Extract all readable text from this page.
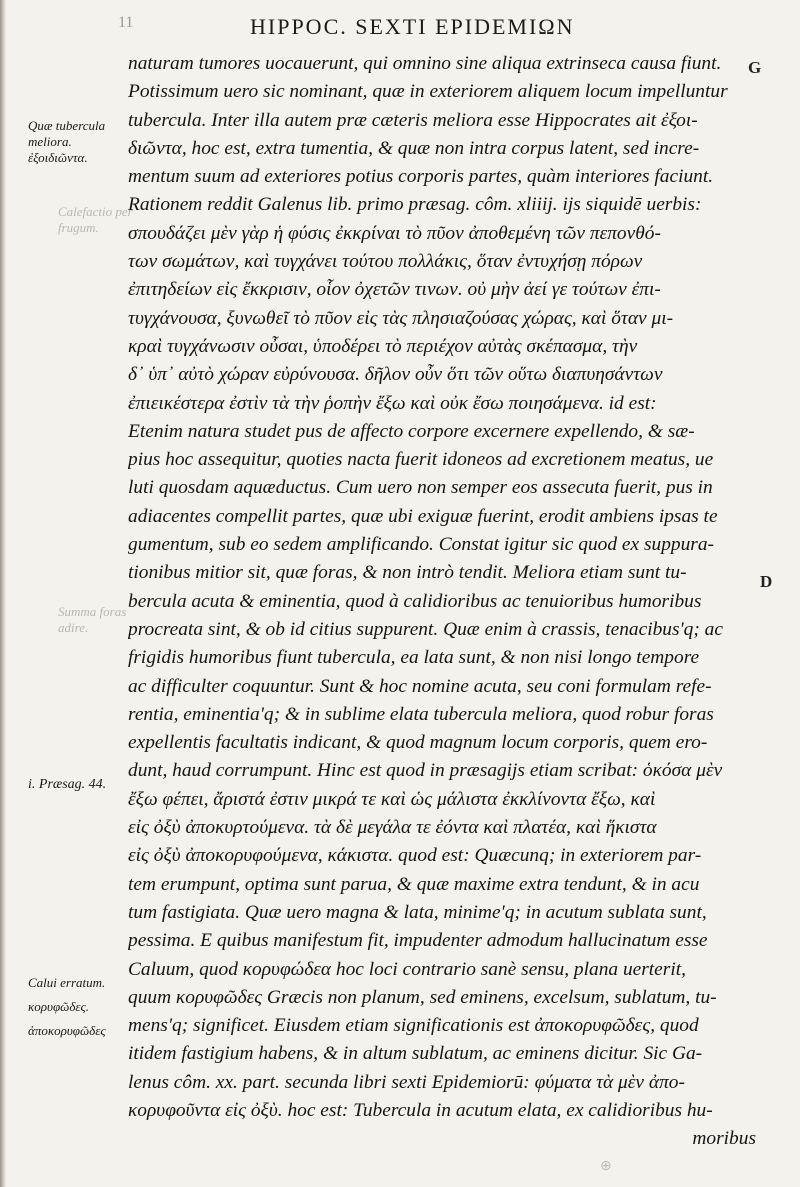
11	HIPPOC. SEXTI EPIDEMIΩN
G
D
Quæ tubercula
meliora.
ἐξοιδιῶντα.
Calefactio per
frugum.
Summa foras
adire.
i. Præsag. 44.
Calui erratum.
κορυφῶδες.
ἀποκορυφῶδες
naturam tumores uocauerunt, qui omnino sine aliqua extrinseca causa fiunt.
Potissimum uero sic nominant, quæ in exteriorem aliquem locum impelluntur
tubercula. Inter illa autem præ cæteris meliora esse Hippocrates ait ἐξοι-
διῶντα, hoc est, extra tumentia, & quæ non intra corpus latent, sed incre-
mentum suum ad exteriores potius corporis partes, quàm interiores faciunt.
Rationem reddit Galenus lib. primo præsag. côm. xliiij. ijs siquidē uerbis:
σπουδάζει μὲν γὰρ ἡ φύσις ἐκκρίναι τὸ πῦον ἀποθεμένη τῶν πεπονθό-
των σωμάτων, καὶ τυγχάνει τούτου πολλάκις, ὅταν ἐντυχήσῃ πόρων
ἐπιτηδείων εἰς ἔκκρισιν, οἷον ὀχετῶν τινων. οὐ μὴν ἀεί γε τούτων ἐπι-
τυγχάνουσα, ξυνωθεῖ τὸ πῦον εἰς τὰς πλησιαζούσας χώρας, καὶ ὅταν μι-
κραὶ τυγχάνωσιν οὖσαι, ὑποδέρει τὸ περιέχον αὐτὰς σκέπασμα, τὴν
δ᾽ ὑπ᾽ αὐτὸ χώραν εὐρύνουσα. δῆλον οὖν ὅτι τῶν οὕτω διαπυησάντων
ἐπιεικέστερα ἐστὶν τὰ τὴν ῥοπὴν ἔξω καὶ οὐκ ἔσω ποιησάμενα. id est:
Etenim natura studet pus de affecto corpore excernere expellendo, & sæ-
pius hoc assequitur, quoties nacta fuerit idoneos ad excretionem meatus, ue
luti quosdam aquæductus. Cum uero non semper eos assecuta fuerit, pus in
adiacentes compellit partes, quæ ubi exiguæ fuerint, erodit ambiens ipsas te
gumentum, sub eo sedem amplificando. Constat igitur sic quod ex suppura-
tionibus mitior sit, quæ foras, & non intrò tendit. Meliora etiam sunt tu-
bercula acuta & eminentia, quod à calidioribus ac tenuioribus humoribus
procreata sint, & ob id citius suppurent. Quæ enim à crassis, tenacibus'q; ac
frigidis humoribus fiunt tubercula, ea lata sunt, & non nisi longo tempore
ac difficulter coquuntur. Sunt & hoc nomine acuta, seu coni formulam refe-
rentia, eminentia'q; & in sublime elata tubercula meliora, quod robur foras
expellentis facultatis indicant, & quod magnum locum corporis, quem ero-
dunt, haud corrumpunt. Hinc est quod in præsagijs etiam scribat: ὁκόσα μὲν
ἔξω φέπει, ἄριστά ἐστιν μικρά τε καὶ ὡς μάλιστα ἐκκλίνοντα ἔξω, καὶ
εἰς ὀξὺ ἀποκυρτούμενα. τὰ δὲ μεγάλα τε ἐόντα καὶ πλατέα, καὶ ἥκιστα
εἰς ὀξὺ ἀποκορυφούμενα, κάκιστα. quod est: Quæcunq; in exteriorem par-
tem erumpunt, optima sunt parua, & quæ maxime extra tendunt, & in acu
tum fastigiata. Quæ uero magna & lata, minime'q; in acutum sublata sunt,
pessima. E quibus manifestum fit, impudenter admodum hallucinatum esse
Caluum, quod κορυφώδεα hoc loci contrario sanè sensu, plana uerterit,
quum κορυφῶδες Græcis non planum, sed eminens, excelsum, sublatum, tu-
mens'q; significet. Eiusdem etiam significationis est ἀποκορυφῶδες, quod
itidem fastigium habens, & in altum sublatum, ac eminens dicitur. Sic Ga-
lenus côm. xx. part. secunda libri sexti Epidemiorū: φύματα τὰ μὲν ἀπο-
κορυφοῦντα εἰς ὀξὺ. hoc est: Tubercula in acutum elata, ex calidioribus hu-
moribus
⊕
